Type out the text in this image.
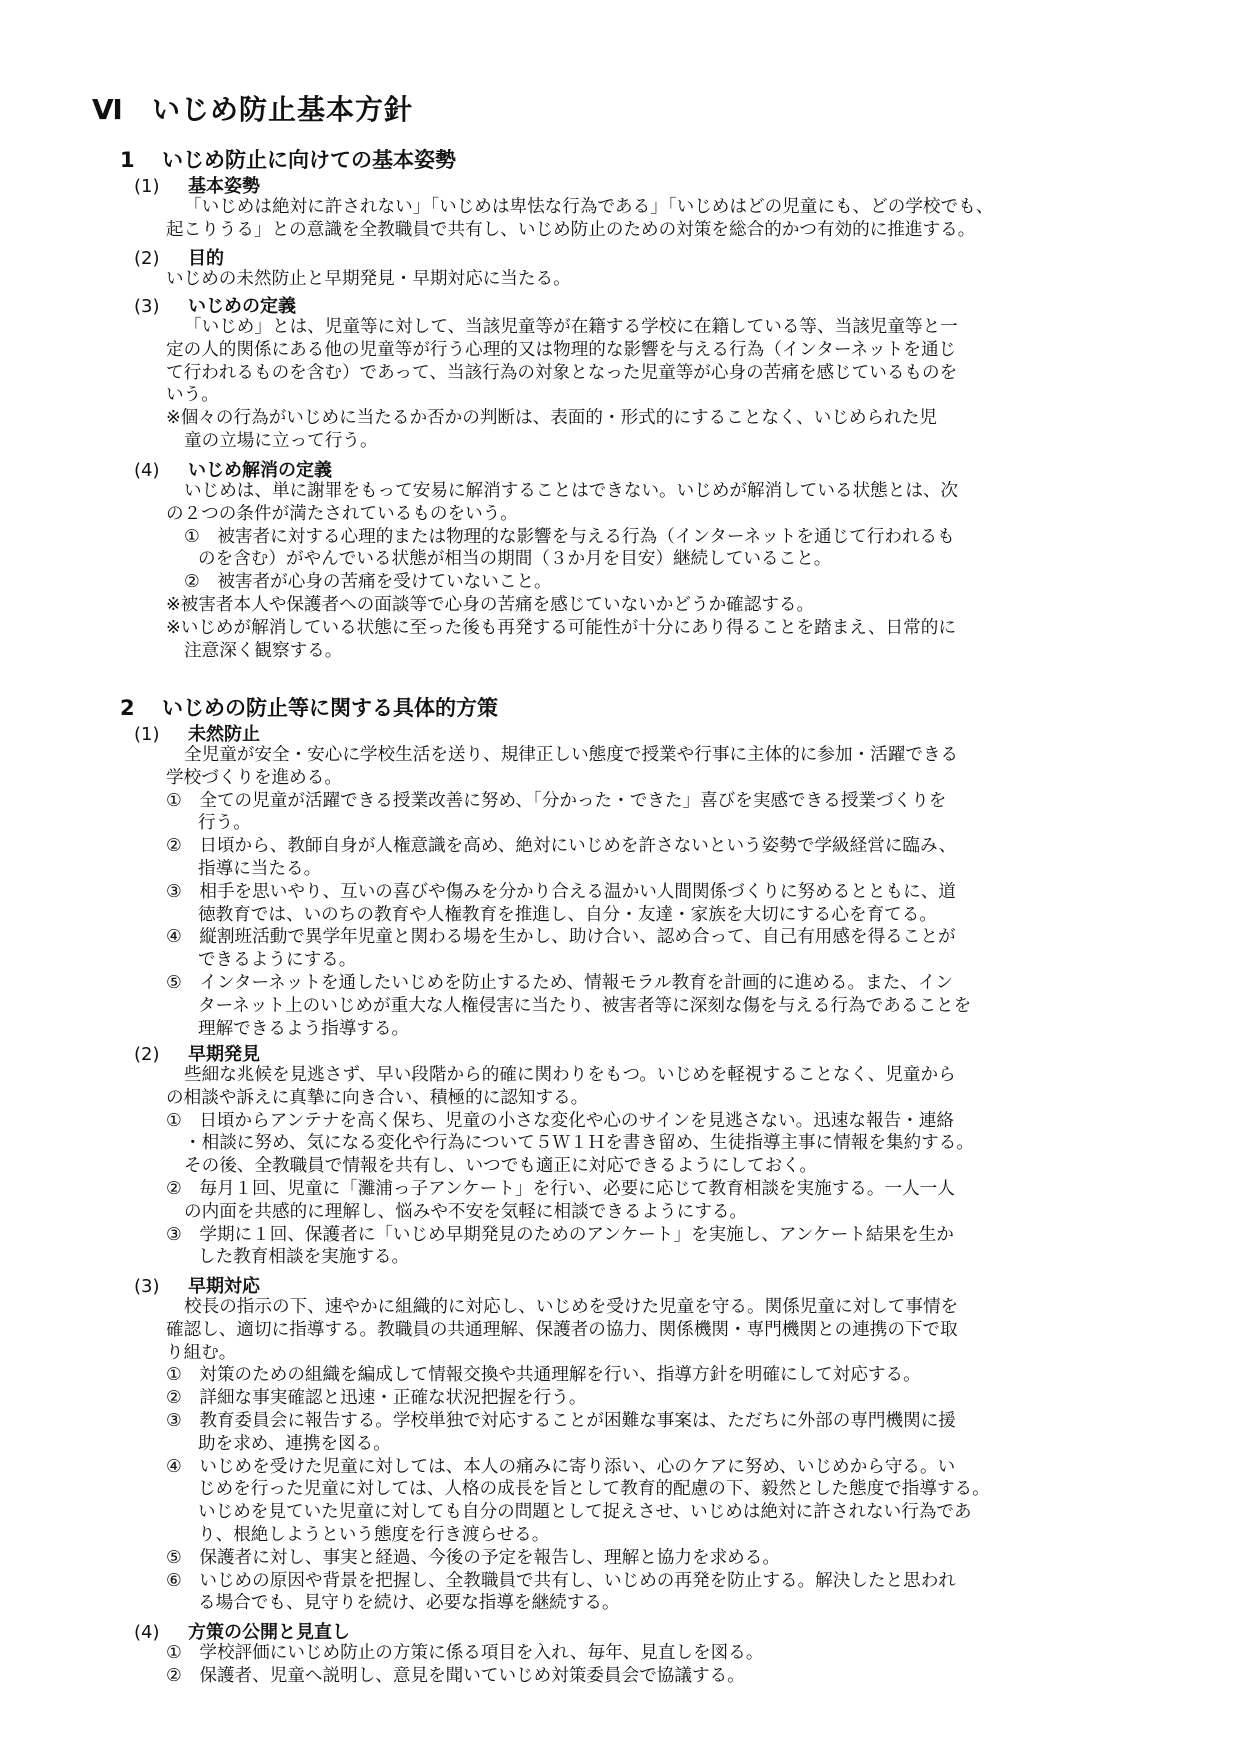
Ⅵ いじめ防止基本方針
1 いじめ防止に向けての基本姿勢
(1) 基本姿勢
「いじめは絶対に許されない」「いじめは卑怯な行為である」「いじめはどの児童にも、どの学校でも、
起こりうる」との意識を全教職員で共有し、いじめ防止のための対策を総合的かつ有効的に推進する。
(2) 目的
いじめの未然防止と早期発見・早期対応に当たる。
(3) いじめの定義
「いじめ」とは、児童等に対して、当該児童等が在籍する学校に在籍している等、当該児童等と一
定の人的関係にある他の児童等が行う心理的又は物理的な影響を与える行為（インターネットを通じ
て行われるものを含む）であって、当該行為の対象となった児童等が心身の苦痛を感じているものを
いう。
※個々の行為がいじめに当たるか否かの判断は、表面的・形式的にすることなく、いじめられた児
童の立場に立って行う。
(4) いじめ解消の定義
いじめは、単に謝罪をもって安易に解消することはできない。いじめが解消している状態とは、次
の２つの条件が満たされているものをいう。
①　被害者に対する心理的または物理的な影響を与える行為（インターネットを通じて行われるも
のを含む）がやんでいる状態が相当の期間（３か月を目安）継続していること。
②　被害者が心身の苦痛を受けていないこと。
※被害者本人や保護者への面談等で心身の苦痛を感じていないかどうか確認する。
※いじめが解消している状態に至った後も再発する可能性が十分にあり得ることを踏まえ、日常的に
注意深く観察する。
2 いじめの防止等に関する具体的方策
(1) 未然防止
全児童が安全・安心に学校生活を送り、規律正しい態度で授業や行事に主体的に参加・活躍できる
学校づくりを進める。
①　全ての児童が活躍できる授業改善に努め、「分かった・できた」喜びを実感できる授業づくりを
行う。
②　日頃から、教師自身が人権意識を高め、絶対にいじめを許さないという姿勢で学級経営に臨み、
指導に当たる。
③　相手を思いやり、互いの喜びや傷みを分かり合える温かい人間関係づくりに努めるとともに、道
徳教育では、いのちの教育や人権教育を推進し、自分・友達・家族を大切にする心を育てる。
④　縦割班活動で異学年児童と関わる場を生かし、助け合い、認め合って、自己有用感を得ることが
できるようにする。
⑤　インターネットを通したいじめを防止するため、情報モラル教育を計画的に進める。また、イン
ターネット上のいじめが重大な人権侵害に当たり、被害者等に深刻な傷を与える行為であることを
理解できるよう指導する。
(2) 早期発見
些細な兆候を見逃さず、早い段階から的確に関わりをもつ。いじめを軽視することなく、児童から
の相談や訴えに真摯に向き合い、積極的に認知する。
①　日頃からアンテナを高く保ち、児童の小さな変化や心のサインを見逃さない。迅速な報告・連絡
・相談に努め、気になる変化や行為について５Ｗ１Ｈを書き留め、生徒指導主事に情報を集約する。
その後、全教職員で情報を共有し、いつでも適正に対応できるようにしておく。
②　毎月１回、児童に「灘浦っ子アンケート」を行い、必要に応じて教育相談を実施する。一人一人
の内面を共感的に理解し、悩みや不安を気軽に相談できるようにする。
③　学期に１回、保護者に「いじめ早期発見のためのアンケート」を実施し、アンケート結果を生か
した教育相談を実施する。
(3) 早期対応
校長の指示の下、速やかに組織的に対応し、いじめを受けた児童を守る。関係児童に対して事情を
確認し、適切に指導する。教職員の共通理解、保護者の協力、関係機関・専門機関との連携の下で取
り組む。
①　対策のための組織を編成して情報交換や共通理解を行い、指導方針を明確にして対応する。
②　詳細な事実確認と迅速・正確な状況把握を行う。
③　教育委員会に報告する。学校単独で対応することが困難な事案は、ただちに外部の専門機関に援
助を求め、連携を図る。
④　いじめを受けた児童に対しては、本人の痛みに寄り添い、心のケアに努め、いじめから守る。い
じめを行った児童に対しては、人格の成長を旨として教育的配慮の下、毅然とした態度で指導する。
いじめを見ていた児童に対しても自分の問題として捉えさせ、いじめは絶対に許されない行為であ
り、根絶しようという態度を行き渡らせる。
⑤　保護者に対し、事実と経過、今後の予定を報告し、理解と協力を求める。
⑥　いじめの原因や背景を把握し、全教職員で共有し、いじめの再発を防止する。解決したと思われ
る場合でも、見守りを続け、必要な指導を継続する。
(4) 方策の公開と見直し
①　学校評価にいじめ防止の方策に係る項目を入れ、毎年、見直しを図る。
②　保護者、児童へ説明し、意見を聞いていじめ対策委員会で協議する。
